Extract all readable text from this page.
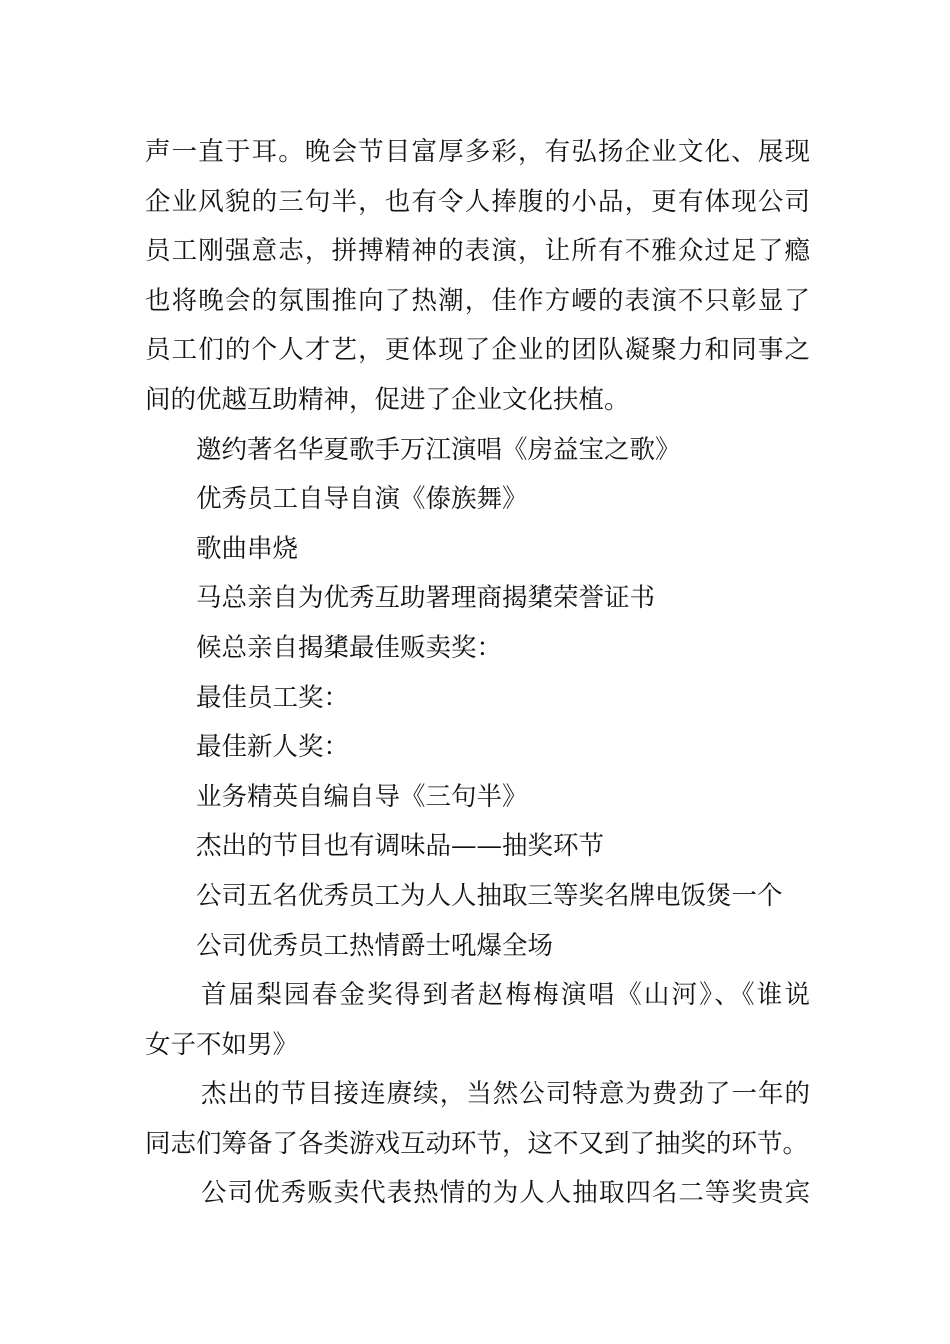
声一直于耳。晚会节目富厚多彩，有弘扬企业文化、展现
企业风貌的三句半，也有令人捧腹的小品，更有体现公司
员工刚强意志，拼搏精神的表演，让所有不雅众过足了瘾
也将晚会的氛围推向了热潮，佳作方崾的表演不只彰显了
员工们的个人才艺，更体现了企业的团队凝聚力和同事之
间的优越互助精神，促进了企业文化扶植。
邀约著名华夏歌手万江演唱《房益宝之歌》
优秀员工自导自演《傣族舞》
歌曲串烧
马总亲自为优秀互助署理商揭橥荣誉证书
候总亲自揭橥最佳贩卖奖：
最佳员工奖：
最佳新人奖：
业务精英自编自导《三句半》
杰出的节目也有调味品——抽奖环节
公司五名优秀员工为人人抽取三等奖名牌电饭煲一个
公司优秀员工热情爵士吼爆全场
首届梨园春金奖得到者赵梅梅演唱《山河》、《谁说
女子不如男》
杰出的节目接连赓续，当然公司特意为费劲了一年的
同志们筹备了各类游戏互动环节，这不又到了抽奖的环节。
公司优秀贩卖代表热情的为人人抽取四名二等奖贵宾
